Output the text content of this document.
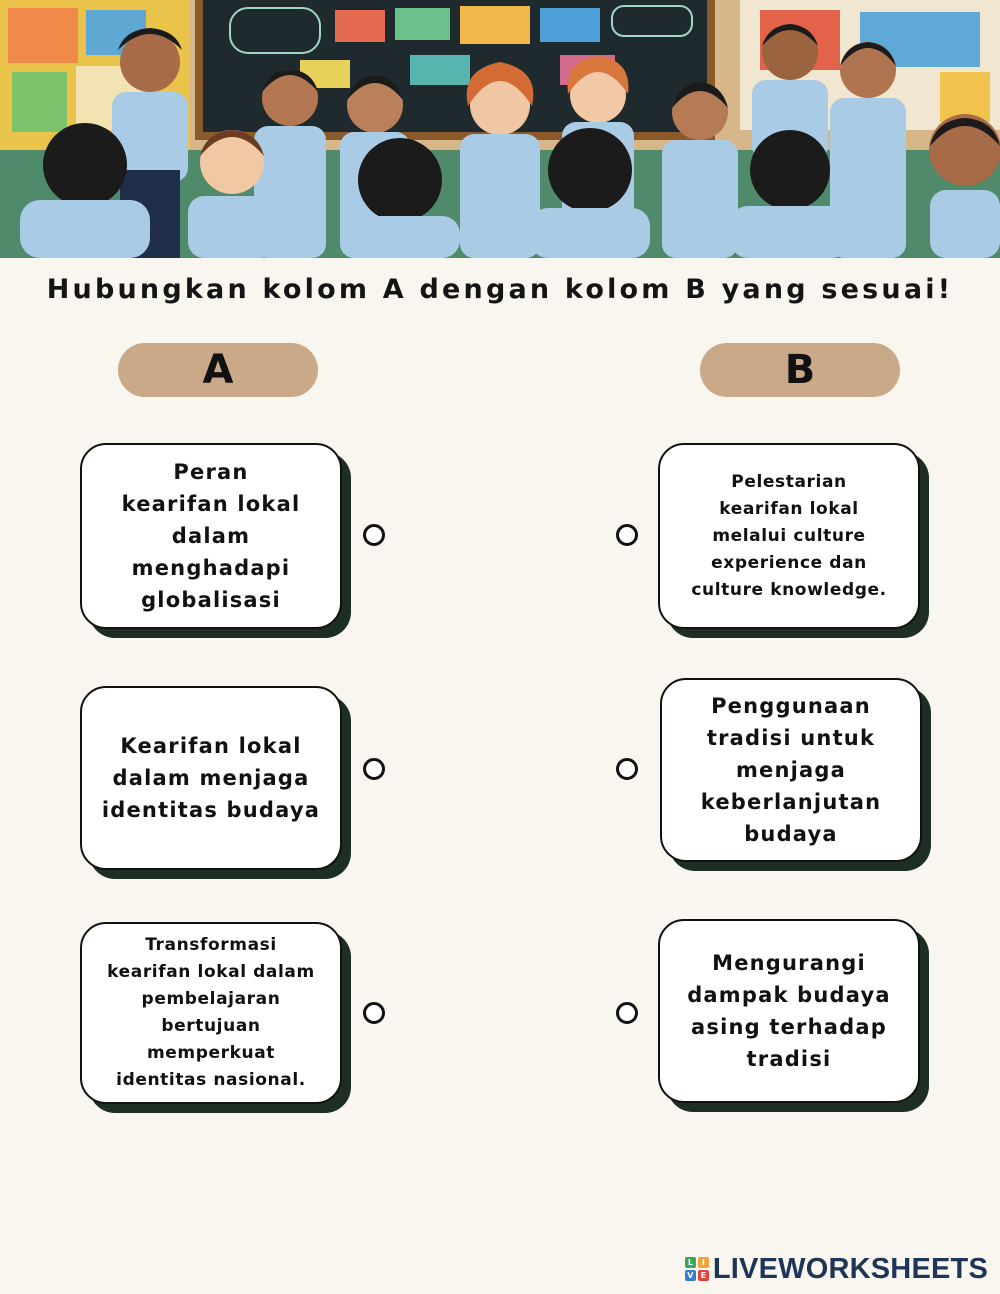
Hubungkan kolom A dengan kolom B yang sesuai!
A	B
Peran
kearifan lokal
dalam
menghadapi
globalisasi
Kearifan lokal
dalam menjaga
identitas budaya
Transformasi
kearifan lokal dalam
pembelajaran
bertujuan
memperkuat
identitas nasional.
Pelestarian
kearifan lokal
melalui culture
experience dan
culture knowledge.
Penggunaan
tradisi untuk
menjaga
keberlanjutan
budaya
Mengurangi
dampak budaya
asing terhadap
tradisi
L	I
V E LIVEWORKSHEETS
